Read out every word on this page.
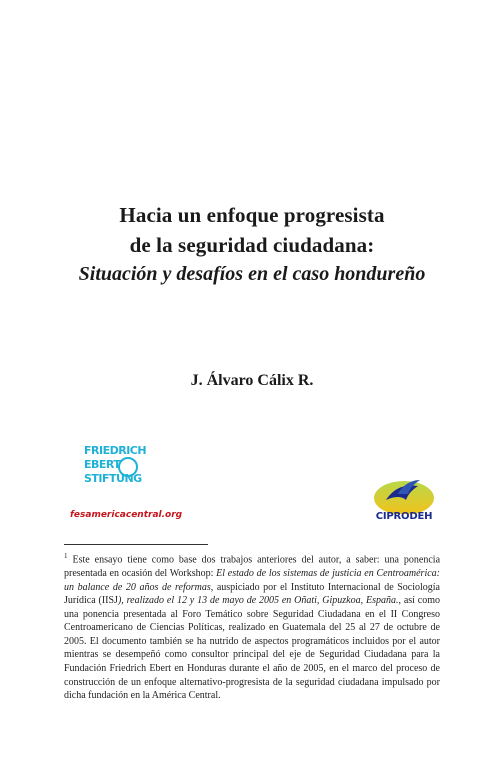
Hacia un enfoque progresista
de la seguridad ciudadana:
Situación y desafíos en el caso hondureño
J. Álvaro Cálix R.
FRIEDRICH
EBERT
STIFTUNG
fesamericacentral.org	CIPRODEH
$^1$ Este ensayo tiene como base dos trabajos anteriores del autor, a saber: una ponencia presentada en ocasión del Workshop: El estado de los sistemas de justicia en Centroamérica: un balance de 20 años de reformas, auspiciado por el Instituto Internacional de Sociología Jurídica (IISJ), realizado el 12 y 13 de mayo de 2005 en Oñati, Gipuzkoa, España., así como una ponencia presentada al Foro Temático sobre Seguridad Ciudadana en el II Congreso Centroamericano de Ciencias Políticas, realizado en Guatemala del 25 al 27 de octubre de 2005. El documento también se ha nutrido de aspectos programáticos incluidos por el autor mientras se desempeñó como consultor principal del eje de Seguridad Ciudadana para la Fundación Friedrich Ebert en Honduras durante el año de 2005, en el marco del proceso de construcción de un enfoque alternativo-progresista de la seguridad ciudadana impulsado por dicha fundación en la América Central.
